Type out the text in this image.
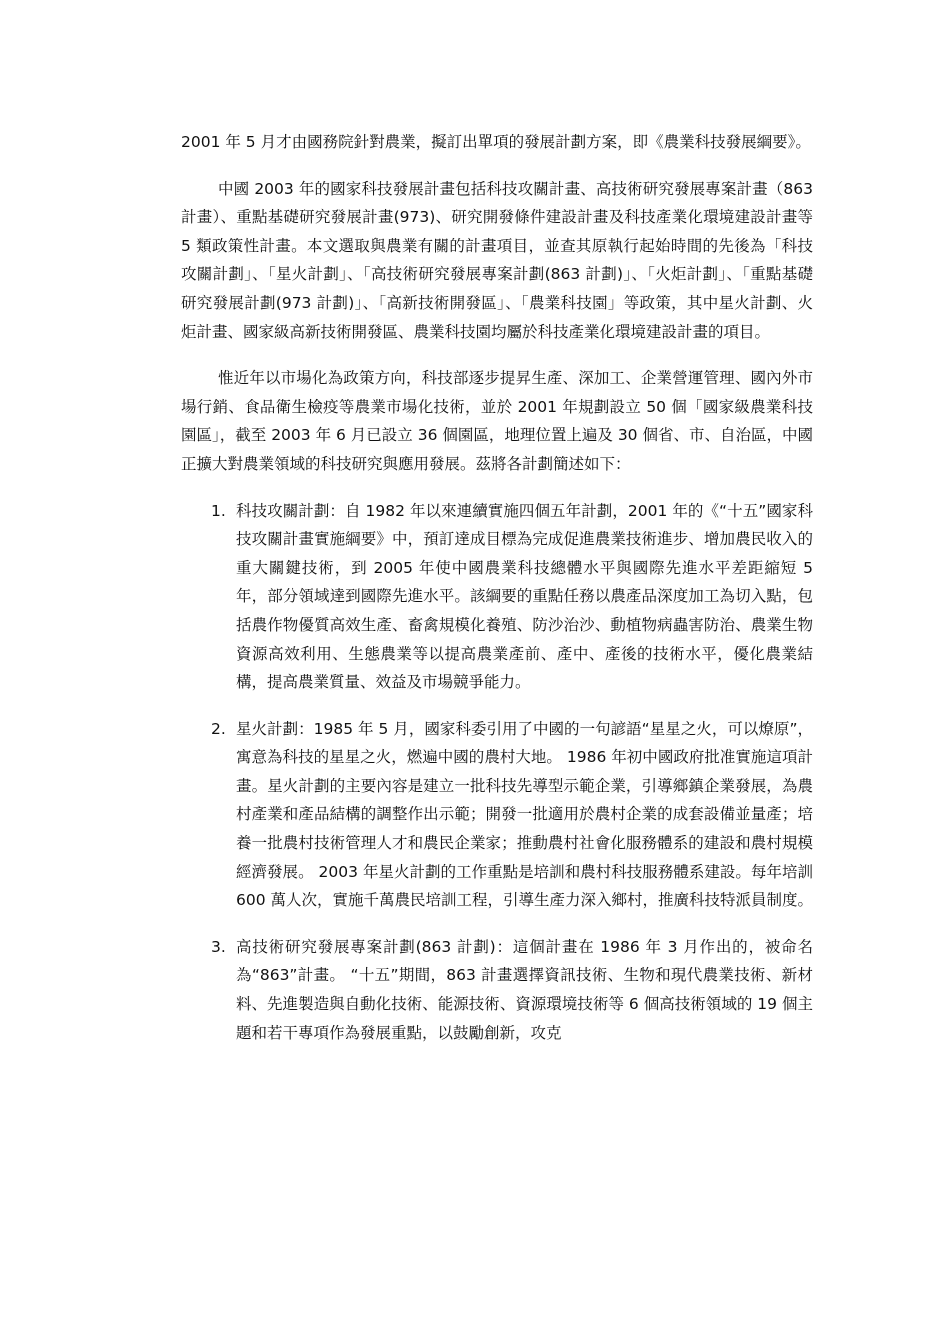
2001 年 5 月才由國務院針對農業，擬訂出單項的發展計劃方案，即《農業科技發展綱要》。

中國 2003 年的國家科技發展計畫包括科技攻關計畫、高技術研究發展專案計畫（863 計畫）、重點基礎研究發展計畫(973)、研究開發條件建設計畫及科技產業化環境建設計畫等 5 類政策性計畫。本文選取與農業有關的計畫項目，並查其原執行起始時間的先後為「科技攻關計劃」、「星火計劃」、「高技術研究發展專案計劃(863 計劃)」、「火炬計劃」、「重點基礎研究發展計劃(973 計劃)」、「高新技術開發區」、「農業科技園」等政策，其中星火計劃、火炬計畫、國家級高新技術開發區、農業科技園均屬於科技產業化環境建設計畫的項目。

惟近年以市場化為政策方向，科技部逐步提昇生產、深加工、企業營運管理、國內外市場行銷、食品衛生檢疫等農業市場化技術，並於 2001 年規劃設立 50 個「國家級農業科技園區」，截至 2003 年 6 月已設立 36 個園區，地理位置上遍及 30 個省、市、自治區，中國正擴大對農業領域的科技研究與應用發展。茲將各計劃簡述如下：

1. 科技攻關計劃：自 1982 年以來連續實施四個五年計劃，2001 年的《“十五”國家科技攻關計畫實施綱要》中，預訂達成目標為完成促進農業技術進步、增加農民收入的重大關鍵技術，到 2005 年使中國農業科技總體水平與國際先進水平差距縮短 5 年，部分領域達到國際先進水平。該綱要的重點任務以農產品深度加工為切入點，包括農作物優質高效生產、畜禽規模化養殖、防沙治沙、動植物病蟲害防治、農業生物資源高效利用、生態農業等以提高農業產前、產中、產後的技術水平，優化農業結構，提高農業質量、效益及市場競爭能力。
2. 星火計劃：1985 年 5 月，國家科委引用了中國的一句諺語“星星之火，可以燎原”，寓意為科技的星星之火，燃遍中國的農村大地。 1986 年初中國政府批准實施這項計畫。星火計劃的主要內容是建立一批科技先導型示範企業，引導鄉鎮企業發展，為農村產業和產品結構的調整作出示範；開發一批適用於農村企業的成套設備並量產；培養一批農村技術管理人才和農民企業家；推動農村社會化服務體系的建設和農村規模經濟發展。 2003 年星火計劃的工作重點是培訓和農村科技服務體系建設。每年培訓 600 萬人次，實施千萬農民培訓工程，引導生產力深入鄉村，推廣科技特派員制度。
3. 高技術研究發展專案計劃(863 計劃)：這個計畫在 1986 年 3 月作出的，被命名為“863”計畫。 “十五”期間，863 計畫選擇資訊技術、生物和現代農業技術、新材料、先進製造與自動化技術、能源技術、資源環境技術等 6 個高技術領域的 19 個主題和若干專項作為發展重點，以鼓勵創新，攻克
